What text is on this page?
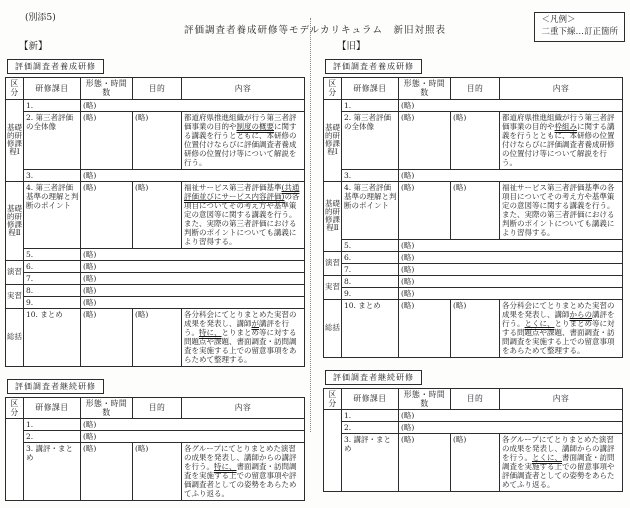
(別添5)
評価調査者養成研修等モデルカリキュラム　新旧対照表
＜凡例＞
二重下線…訂正箇所
【新】
評価調査者養成研修
区分	研修課目	形態・時間数	目的	内容
基礎的研修課程Ⅰ	1.	(略)		
	2. 第三者評価の全体像	(略)	(略)	都道府県推進組織が行う第三者評価事業の目的や制度の概要に関する講義を行うとともに、本研修の位置付けならびに評価調査者養成研修の位置付け等について解説を行う。
	3.	(略)		
基礎的研修課程Ⅱ	4. 第三者評価基準の理解と判断のポイント	(略)	(略)	福祉サービス第三者評価基準(共通評価並びにサービス内容評価)の各項目についてその考え方や基準策定の意図等に関する講義を行う。また、実際の第三者評価における判断のポイントについても講義により習得する。
	5.	(略)		
演習	6.	(略)		
	7.	(略)		
実習	8.	(略)		
	9.	(略)		
総括	10. まとめ	(略)	(略)	各分科会にてとりまとめた実習の成果を発表し、講師が講評を行う。特に、とりまとめ等に対する問題点や課題、書面調査・訪問調査を実施する上での留意事項をあらためて整理する。
評価調査者継続研修
区分	研修課目	形態・時間数	目的	内容
	1.	(略)		
	2.	(略)		
	3. 講評・まとめ	(略)	(略)	各グループにてとりまとめた演習の成果を発表し、講師からの講評を行う。特に、書面調査・訪問調査を実施する上での留意事項や評価調査者としての姿勢をあらためてふり返る。
【旧】
評価調査者養成研修
区分	研修課目	形態・時間数	目的	内容
基礎的研修課程Ⅰ	1.	(略)		
	2. 第三者評価の全体像	(略)	(略)	都道府県推進組織が行う第三者評価事業の目的や枠組みに関する講義を行うとともに、本研修の位置付けならびに評価調査者養成研修の位置付け等について解説を行う。
	3.	(略)		
基礎的研修課程Ⅱ	4. 第三者評価基準の理解と判断のポイント	(略)	(略)	福祉サービス第三者評価基準の各項目についてその考え方や基準策定の意図等に関する講義を行う。また、実際の第三者評価における判断のポイントについても講義により習得する。
	5.	(略)		
演習	6.	(略)		
	7.	(略)		
実習	8.	(略)		
	9.	(略)		
総括	10. まとめ	(略)	(略)	各分科会にてとりまとめた実習の成果を発表し、講師からの講評を行う。とくに、とりまとめ等に対する問題点や課題、書面調査・訪問調査を実施する上での留意事項をあらためて整理する。
評価調査者継続研修
区分	研修課目	形態・時間数	目的	内容
	1.	(略)		
	2.	(略)		
	3. 講評・まとめ	(略)	(略)	各グループにてとりまとめた演習の成果を発表し、講師からの講評を行う。とくに、書面調査・訪問調査を実施する上での留意事項や評価調査者としての姿勢をあらためてふり返る。
